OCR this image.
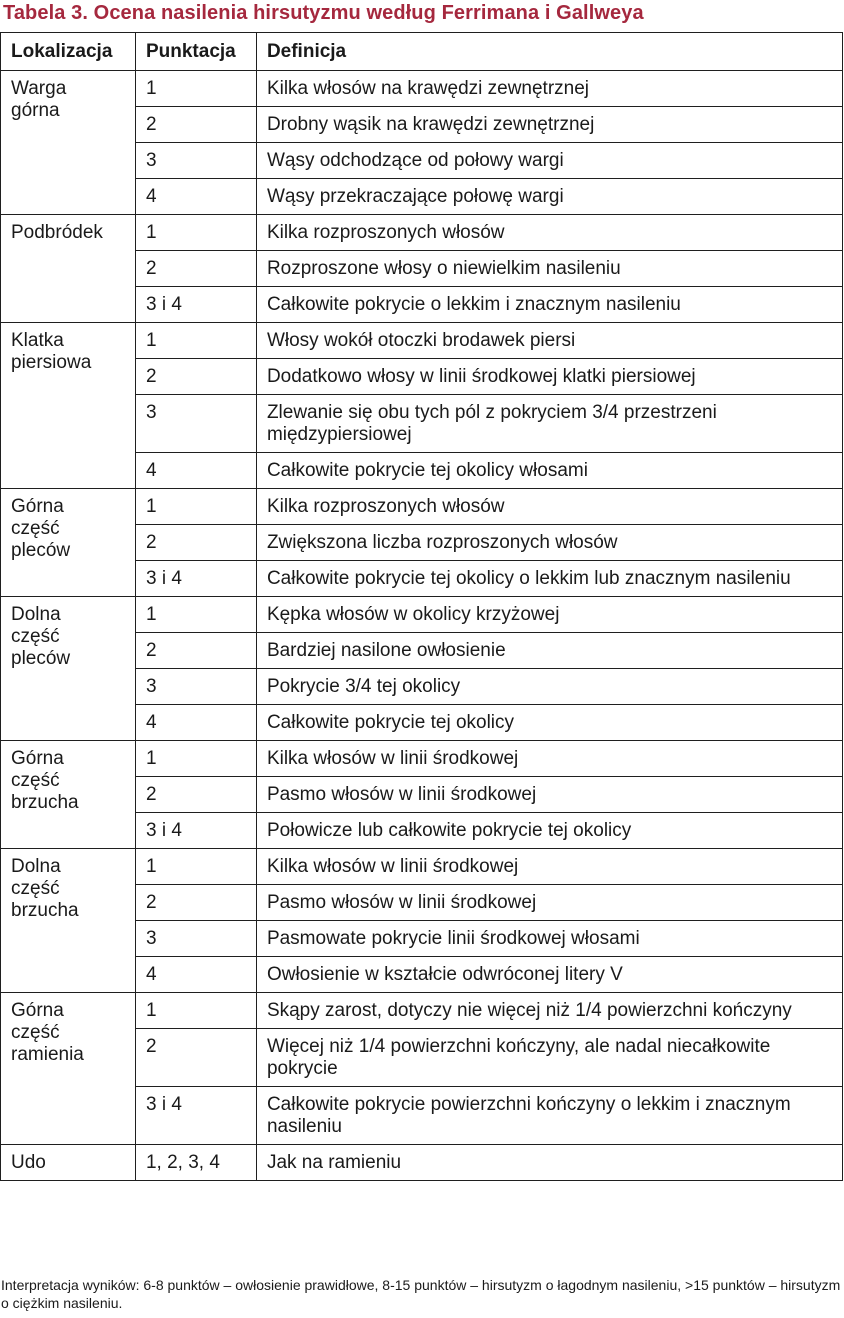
Tabela 3. Ocena nasilenia hirsutyzmu według Ferrimana i Gallweya
Lokalizacja	Punktacja	Definicja
Warga
górna	1	Kilka włosów na krawędzi zewnętrznej
	2	Drobny wąsik na krawędzi zewnętrznej
	3	Wąsy odchodzące od połowy wargi
	4	Wąsy przekraczające połowę wargi
Podbródek	1	Kilka rozproszonych włosów
	2	Rozproszone włosy o niewielkim nasileniu
	3 i 4	Całkowite pokrycie o lekkim i znacznym nasileniu
Klatka
piersiowa	1	Włosy wokół otoczki brodawek piersi
	2	Dodatkowo włosy w linii środkowej klatki piersiowej
	3	Zlewanie się obu tych pól z pokryciem 3/4 przestrzeni międzypiersiowej
	4	Całkowite pokrycie tej okolicy włosami
Górna
część
pleców	1	Kilka rozproszonych włosów
	2	Zwiększona liczba rozproszonych włosów
	3 i 4	Całkowite pokrycie tej okolicy o lekkim lub znacznym nasileniu
Dolna
część
pleców	1	Kępka włosów w okolicy krzyżowej
	2	Bardziej nasilone owłosienie
	3	Pokrycie 3/4 tej okolicy
	4	Całkowite pokrycie tej okolicy
Górna
część
brzucha	1	Kilka włosów w linii środkowej
	2	Pasmo włosów w linii środkowej
	3 i 4	Połowicze lub całkowite pokrycie tej okolicy
Dolna
część
brzucha	1	Kilka włosów w linii środkowej
	2	Pasmo włosów w linii środkowej
	3	Pasmowate pokrycie linii środkowej włosami
	4	Owłosienie w kształcie odwróconej litery V
Górna
część
ramienia	1	Skąpy zarost, dotyczy nie więcej niż 1/4 powierzchni kończyny
	2	Więcej niż 1/4 powierzchni kończyny, ale nadal niecałkowite pokrycie
	3 i 4	Całkowite pokrycie powierzchni kończyny o lekkim i znacznym nasileniu
Udo	1, 2, 3, 4	Jak na ramieniu

Interpretacja wyników: 6-8 punktów – owłosienie prawidłowe, 8-15 punktów – hirsutyzm o łagodnym nasileniu, >15 punktów – hirsutyzm o ciężkim nasileniu.
